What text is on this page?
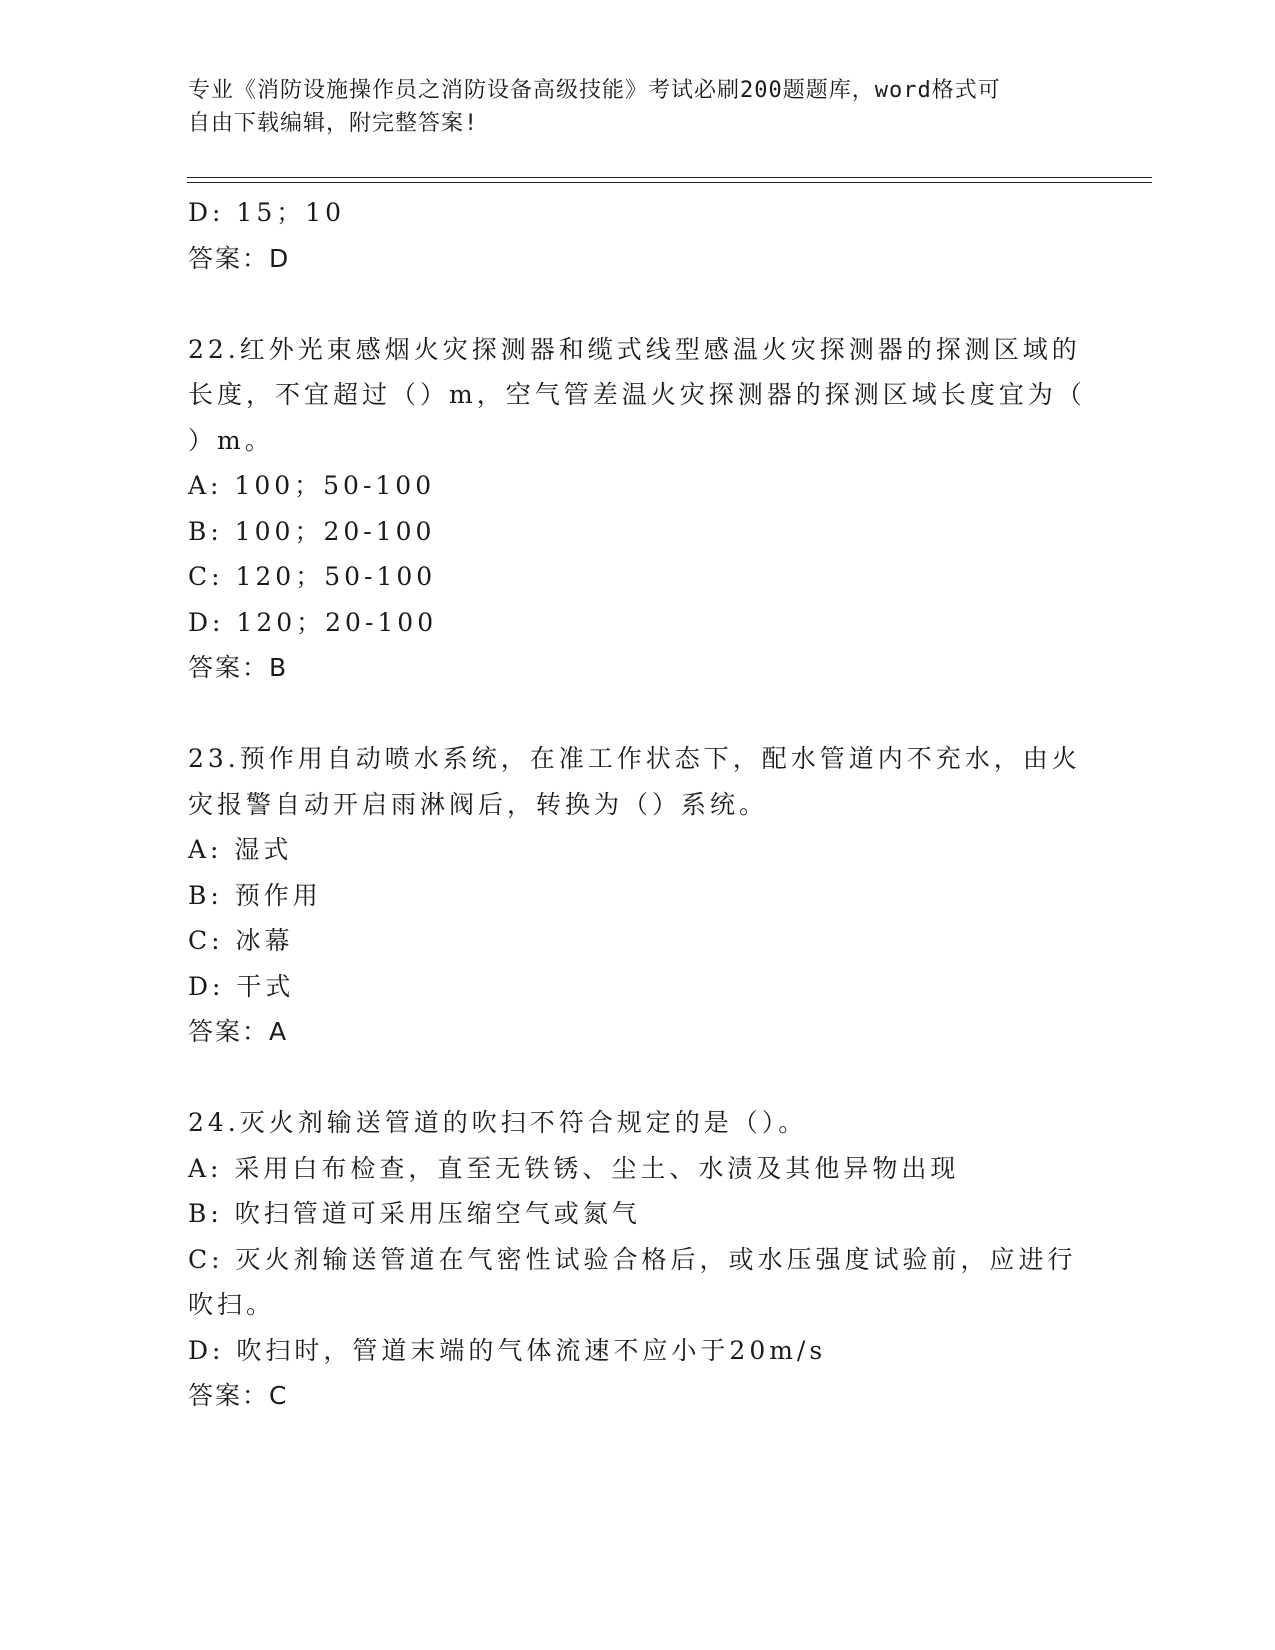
专业《消防设施操作员之消防设备高级技能》考试必刷200题题库，word格式可
自由下载编辑，附完整答案!
D: 15；10
答案：D
22.红外光束感烟火灾探测器和缆式线型感温火灾探测器的探测区域的
长度，不宜超过（）m，空气管差温火灾探测器的探测区域长度宜为（
）m。
A: 100；50-100
B: 100；20-100
C: 120；50-100
D: 120；20-100
答案：B
23.预作用自动喷水系统，在准工作状态下，配水管道内不充水，由火
灾报警自动开启雨淋阀后，转换为（）系统。
A: 湿式
B: 预作用
C: 冰幕
D: 干式
答案：A
24.灭火剂输送管道的吹扫不符合规定的是（）。
A: 采用白布检查，直至无铁锈、尘土、水渍及其他异物出现
B: 吹扫管道可采用压缩空气或氮气
C: 灭火剂输送管道在气密性试验合格后，或水压强度试验前，应进行
吹扫。
D: 吹扫时，管道末端的气体流速不应小于20m/s
答案：C
